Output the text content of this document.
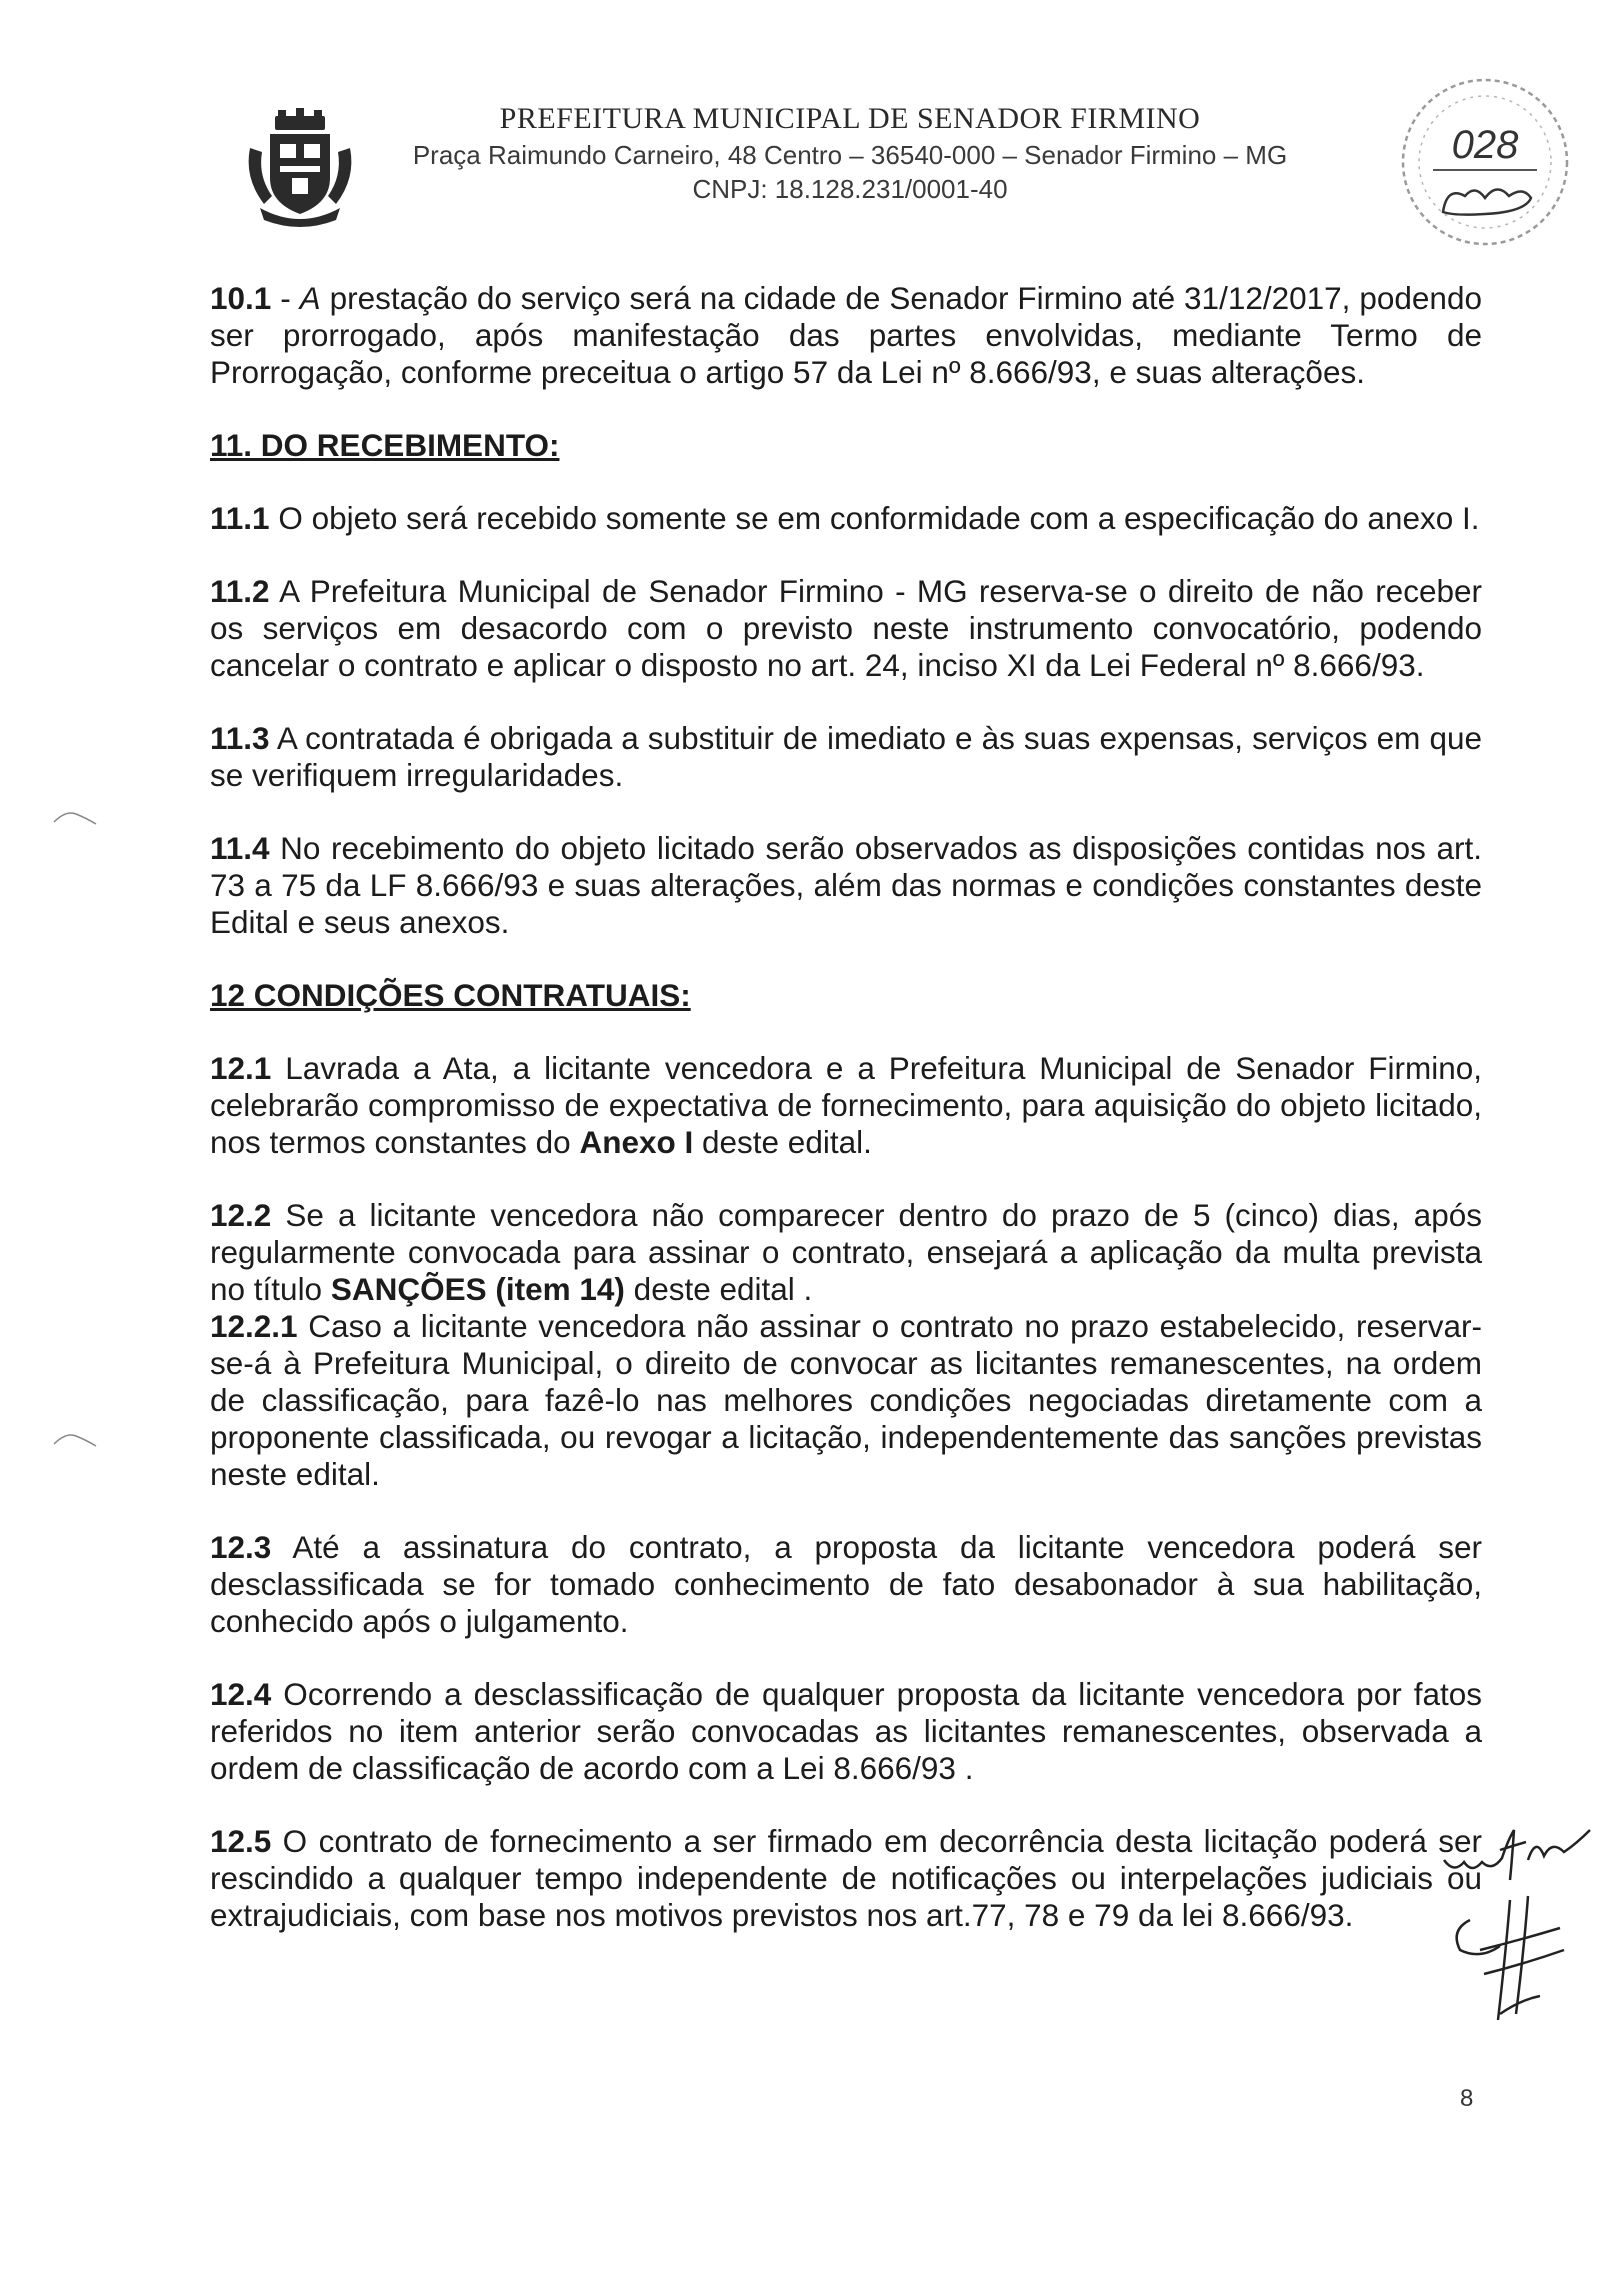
PREFEITURA MUNICIPAL DE SENADOR FIRMINO
Praça Raimundo Carneiro, 48 Centro – 36540-000 – Senador Firmino – MG
CNPJ: 18.128.231/0001-40
028

10.1 - A prestação do serviço será na cidade de Senador Firmino até 31/12/2017, podendo ser prorrogado, após manifestação das partes envolvidas, mediante Termo de Prorrogação, conforme preceitua o artigo 57 da Lei nº 8.666/93, e suas alterações.

11. DO RECEBIMENTO:

11.1 O objeto será recebido somente se em conformidade com a especificação do anexo I.

11.2 A Prefeitura Municipal de Senador Firmino - MG reserva-se o direito de não receber os serviços em desacordo com o previsto neste instrumento convocatório, podendo cancelar o contrato e aplicar o disposto no art. 24, inciso XI da Lei Federal nº 8.666/93.

11.3 A contratada é obrigada a substituir de imediato e às suas expensas, serviços em que se verifiquem irregularidades.

11.4 No recebimento do objeto licitado serão observados as disposições contidas nos art. 73 a 75 da LF 8.666/93 e suas alterações, além das normas e condições constantes deste Edital e seus anexos.

12 CONDIÇÕES CONTRATUAIS:

12.1 Lavrada a Ata, a licitante vencedora e a Prefeitura Municipal de Senador Firmino, celebrarão compromisso de expectativa de fornecimento, para aquisição do objeto licitado, nos termos constantes do Anexo I deste edital.

12.2 Se a licitante vencedora não comparecer dentro do prazo de 5 (cinco) dias, após regularmente convocada para assinar o contrato, ensejará a aplicação da multa prevista no título SANÇÕES (item 14) deste edital .

12.2.1 Caso a licitante vencedora não assinar o contrato no prazo estabelecido, reservar-se-á à Prefeitura Municipal, o direito de convocar as licitantes remanescentes, na ordem de classificação, para fazê-lo nas melhores condições negociadas diretamente com a proponente classificada, ou revogar a licitação, independentemente das sanções previstas neste edital.

12.3 Até a assinatura do contrato, a proposta da licitante vencedora poderá ser desclassificada se for tomado conhecimento de fato desabonador à sua habilitação, conhecido após o julgamento.

12.4 Ocorrendo a desclassificação de qualquer proposta da licitante vencedora por fatos referidos no item anterior serão convocadas as licitantes remanescentes, observada a ordem de classificação de acordo com a Lei 8.666/93 .

12.5 O contrato de fornecimento a ser firmado em decorrência desta licitação poderá ser rescindido a qualquer tempo independente de notificações ou interpelações judiciais ou extrajudiciais, com base nos motivos previstos nos art.77, 78 e 79 da lei 8.666/93.

8
